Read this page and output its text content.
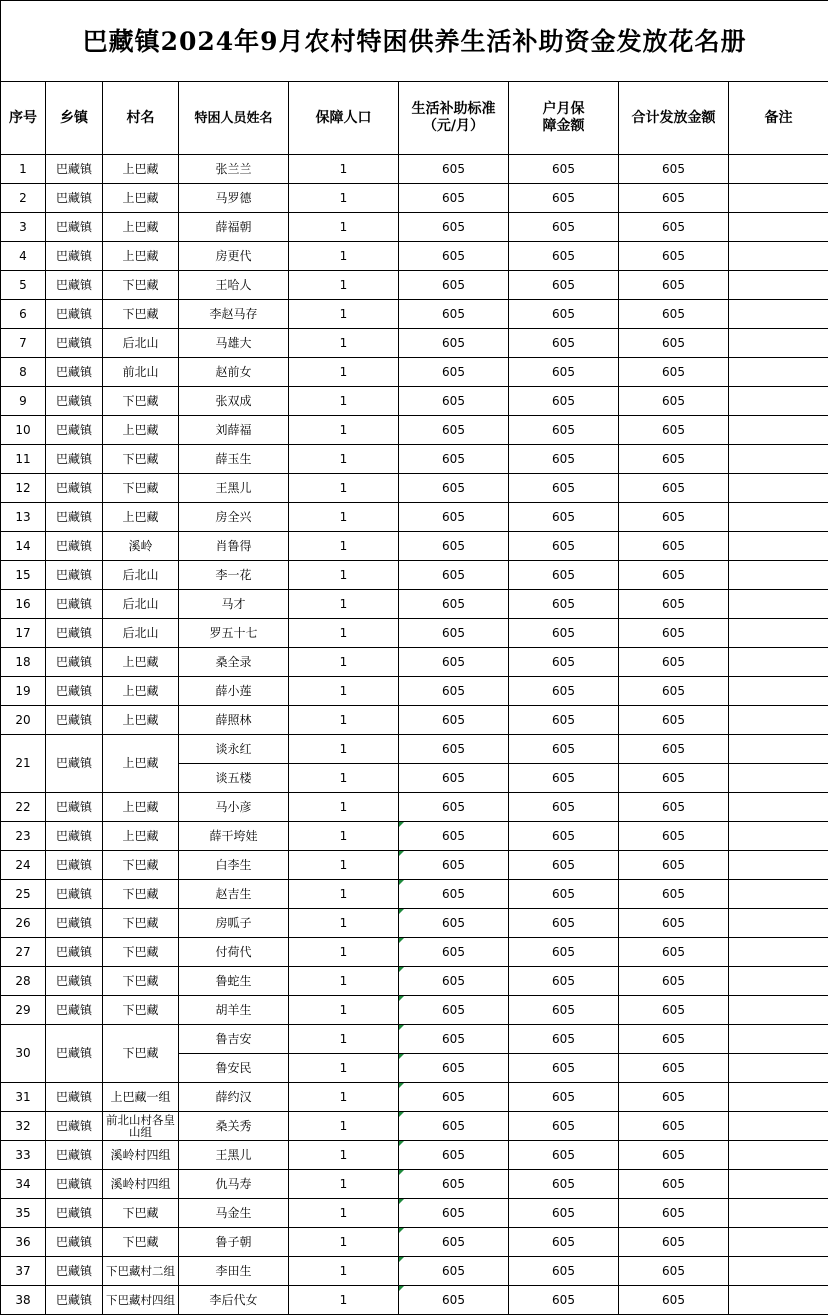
巴藏镇2024年9月农村特困供养生活补助资金发放花名册								
序号	乡镇	村名	特困人员姓名	保障人口	生活补助标准（元/月）	户月保障金额	合计发放金额	备注
1	巴藏镇	上巴藏	张兰兰	1	605	605	605	
2	巴藏镇	上巴藏	马罗德	1	605	605	605	
3	巴藏镇	上巴藏	薛福朝	1	605	605	605	
4	巴藏镇	上巴藏	房更代	1	605	605	605	
5	巴藏镇	下巴藏	王哈人	1	605	605	605	
6	巴藏镇	下巴藏	李赵马存	1	605	605	605	
7	巴藏镇	后北山	马雄大	1	605	605	605	
8	巴藏镇	前北山	赵前女	1	605	605	605	
9	巴藏镇	下巴藏	张双成	1	605	605	605	
10	巴藏镇	上巴藏	刘薛福	1	605	605	605	
11	巴藏镇	下巴藏	薛玉生	1	605	605	605	
12	巴藏镇	下巴藏	王黑儿	1	605	605	605	
13	巴藏镇	上巴藏	房全兴	1	605	605	605	
14	巴藏镇	溪岭	肖鲁得	1	605	605	605	
15	巴藏镇	后北山	李一花	1	605	605	605	
16	巴藏镇	后北山	马才	1	605	605	605	
17	巴藏镇	后北山	罗五十七	1	605	605	605	
18	巴藏镇	上巴藏	桑全录	1	605	605	605	
19	巴藏镇	上巴藏	薛小莲	1	605	605	605	
20	巴藏镇	上巴藏	薛照林	1	605	605	605	
21	巴藏镇	上巴藏	谈永红	1	605	605	605	
			谈五楼	1	605	605	605	
22	巴藏镇	上巴藏	马小彦	1	605	605	605	
23	巴藏镇	上巴藏	薛干垮娃	1	605	605	605	
24	巴藏镇	下巴藏	白李生	1	605	605	605	
25	巴藏镇	下巴藏	赵吉生	1	605	605	605	
26	巴藏镇	下巴藏	房呱子	1	605	605	605	
27	巴藏镇	下巴藏	付荷代	1	605	605	605	
28	巴藏镇	下巴藏	鲁蛇生	1	605	605	605	
29	巴藏镇	下巴藏	胡羊生	1	605	605	605	
30	巴藏镇	下巴藏	鲁吉安	1	605	605	605	
			鲁安民	1	605	605	605	
31	巴藏镇	上巴藏一组	薛约汉	1	605	605	605	
32	巴藏镇	前北山村各皇山组	桑关秀	1	605	605	605	
33	巴藏镇	溪岭村四组	王黑儿	1	605	605	605	
34	巴藏镇	溪岭村四组	仇马寿	1	605	605	605	
35	巴藏镇	下巴藏	马金生	1	605	605	605	
36	巴藏镇	下巴藏	鲁子朝	1	605	605	605	
37	巴藏镇	下巴藏村二组	李田生	1	605	605	605	
38	巴藏镇	下巴藏村四组	李后代女	1	605	605	605	
